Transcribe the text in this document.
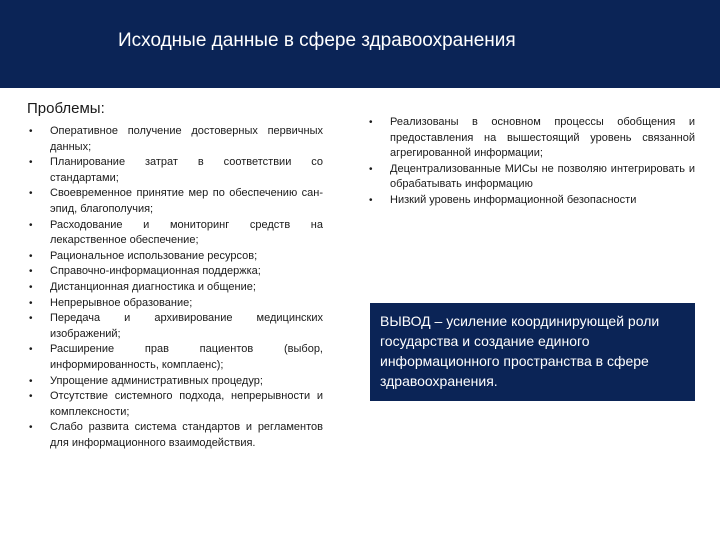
Исходные данные в сфере здравоохранения
Проблемы:
• Оперативное получение достоверных первичных данных;
• Планирование затрат в соответствии со стандартами;
• Своевременное принятие мер по обеспечению сан-эпид, благополучия;
• Расходование и мониторинг средств на лекарственное обеспечение;
• Рациональное использование ресурсов;
• Справочно-информационная поддержка;
• Дистанционная диагностика и общение;
• Непрерывное образование;
• Передача и архивирование медицинских изображений;
• Расширение прав пациентов (выбор, информированность, комплаенс);
• Упрощение административных процедур;
• Отсутствие системного подхода, непрерывности и комплексности;
• Слабо развита система стандартов и регламентов для информационного взаимодействия.
• Реализованы в основном процессы обобщения и предоставления на вышестоящий уровень связанной агрегированной информации;
• Децентрализованные МИСы не позволяю интегрировать и обрабатывать информацию
• Низкий уровень информационной безопасности
ВЫВОД – усиление координирующей роли государства и создание единого информационного пространства в сфере здравоохранения.
